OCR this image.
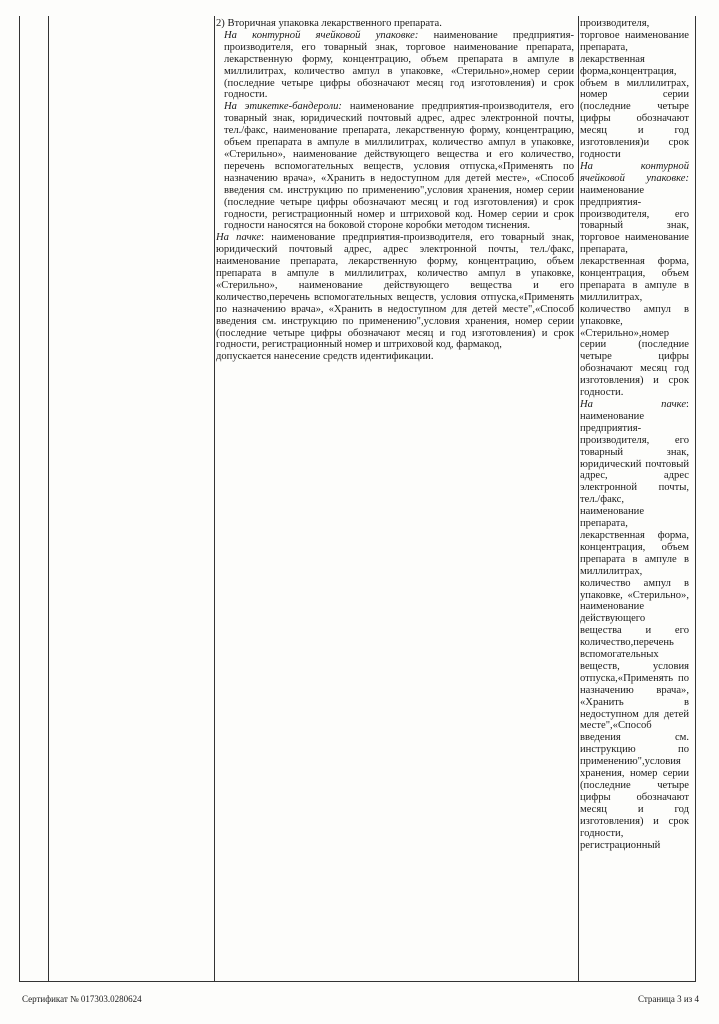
2) Вторичная упаковка лекарственного препарата.

На контурной ячейковой упаковке: наименование предприятия-производителя, его товарный знак, торговое наименование препарата, лекарственную форму, концентрацию, объем препарата в ампуле в миллилитрах, количество ампул в упаковке, «Стерильно»,номер серии (последние четыре цифры обозначают месяц год изготовления) и срок годности.

На этикетке-бандероли: наименование предприятия-производителя, его товарный знак, юридический почтовый адрес, адрес электронной почты, тел./факс, наименование препарата, лекарственную форму, концентрацию, объем препарата в ампуле в миллилитрах, количество ампул в упаковке, «Стерильно», наименование действующего вещества и его количество, перечень вспомогательных веществ, условия отпуска,«Применять по назначению врача», «Хранить в недоступном для детей месте», «Способ введения см. инструкцию по применению",условия хранения, номер серии (последние четыре цифры обозначают месяц и год изготовления) и срок годности, регистрационный номер и штриховой код. Номер серии и срок годности наносятся на боковой стороне коробки методом тиснения.

На пачке: наименование предприятия-производителя, его товарный знак, юридический почтовый адрес, адрес электронной почты, тел./факс, наименование препарата, лекарственную форму, концентрацию, объем препарата в ампуле в миллилитрах, количество ампул в упаковке, «Стерильно», наименование действующего вещества и его количество,перечень вспомогательных веществ, условия отпуска,«Применять по назначению врача», «Хранить в недоступном для детей месте",«Способ введения см. инструкцию по применению",условия хранения, номер серии (последние четыре цифры обозначают месяц и год изготовления) и срок годности, регистрационный номер и штриховой код, фармакод,

допускается нанесение средств идентификации.

производителя, торговое наименование препарата, лекарственная форма,концентрация, объем в миллилитрах, номер серии (последние четыре цифры обозначают месяц и год изготовления)и срок годности

На контурной ячейковой упаковке: наименование предприятия-производителя, его товарный знак, торговое наименование препарата, лекарственная форма, концентрация, объем препарата в ампуле в миллилитрах, количество ампул в упаковке, «Стерильно»,номер серии (последние четыре цифры обозначают месяц год изготовления) и срок годности.

На пачке: наименование предприятия-производителя, его товарный знак, юридический почтовый адрес, адрес электронной почты, тел./факс, наименование препарата, лекарственная форма, концентрация, объем препарата в ампуле в миллилитрах, количество ампул в упаковке, «Стерильно», наименование действующего вещества и его количество,перечень вспомогательных веществ, условия отпуска,«Применять по назначению врача», «Хранить в недоступном для детей месте",«Способ введения см. инструкцию по применению",условия хранения, номер серии (последние четыре цифры обозначают месяц и год изготовления) и срок годности, регистрационный

Сертификат № 017303.0280624	Страница 3 из 4
